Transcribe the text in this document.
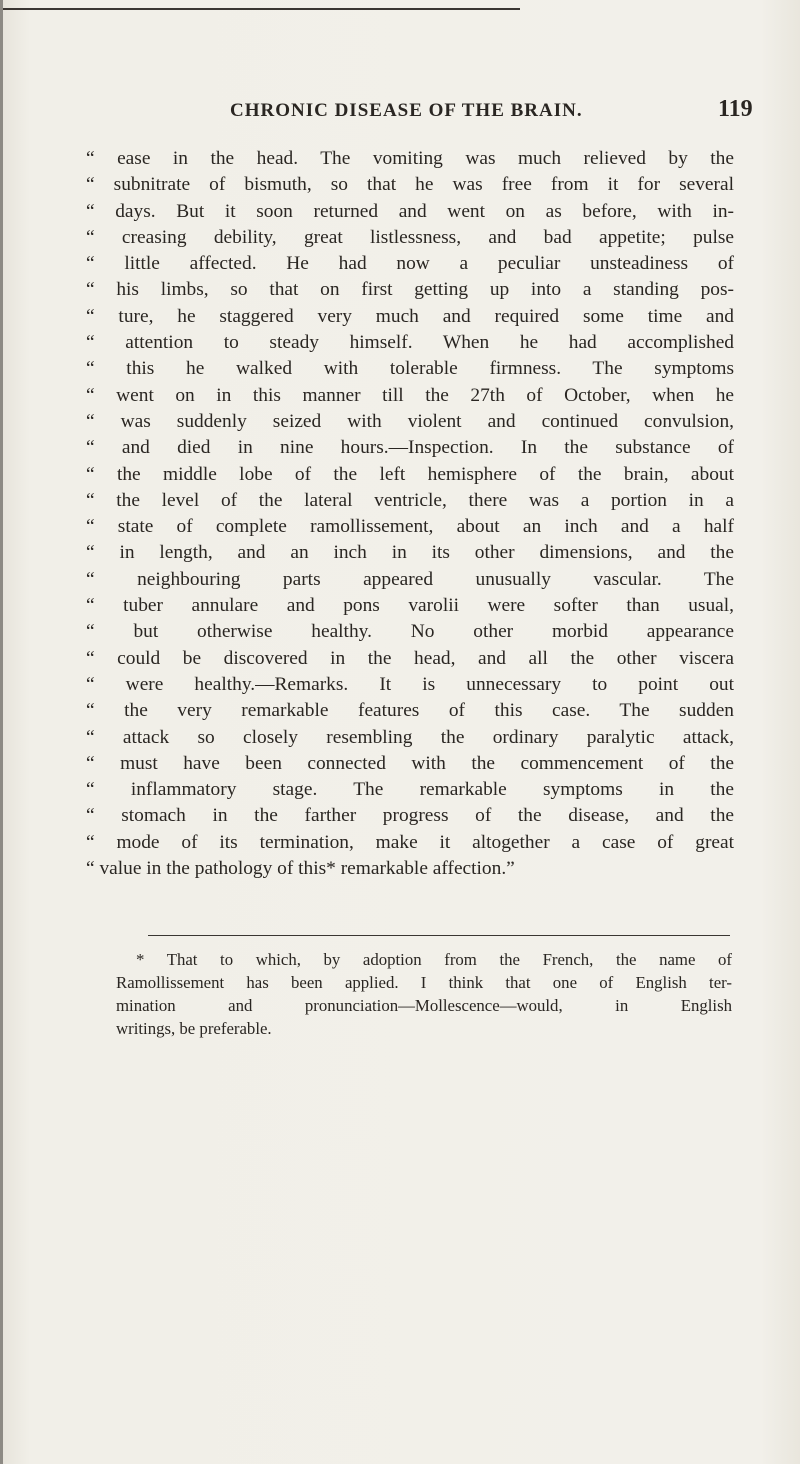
CHRONIC DISEASE OF THE BRAIN.	119
“ ease in the head. The vomiting was much relieved by the
“ subnitrate of bismuth, so that he was free from it for several
“ days. But it soon returned and went on as before, with in-
“ creasing debility, great listlessness, and bad appetite; pulse
“ little affected. He had now a peculiar unsteadiness of
“ his limbs, so that on first getting up into a standing pos-
“ ture, he staggered very much and required some time and
“ attention to steady himself. When he had accomplished
“ this he walked with tolerable firmness. The symptoms
“ went on in this manner till the 27th of October, when he
“ was suddenly seized with violent and continued convulsion,
“ and died in nine hours.—Inspection. In the substance of
“ the middle lobe of the left hemisphere of the brain, about
“ the level of the lateral ventricle, there was a portion in a
“ state of complete ramollissement, about an inch and a half
“ in length, and an inch in its other dimensions, and the
“ neighbouring parts appeared unusually vascular. The
“ tuber annulare and pons varolii were softer than usual,
“ but otherwise healthy. No other morbid appearance
“ could be discovered in the head, and all the other viscera
“ were healthy.—Remarks. It is unnecessary to point out
“ the very remarkable features of this case. The sudden
“ attack so closely resembling the ordinary paralytic attack,
“ must have been connected with the commencement of the
“ inflammatory stage. The remarkable symptoms in the
“ stomach in the farther progress of the disease, and the
“ mode of its termination, make it altogether a case of great
“ value in the pathology of this* remarkable affection.”
* That to which, by adoption from the French, the name of
Ramollissement has been applied. I think that one of English ter-
mination and pronunciation—Mollescence—would, in English
writings, be preferable.
